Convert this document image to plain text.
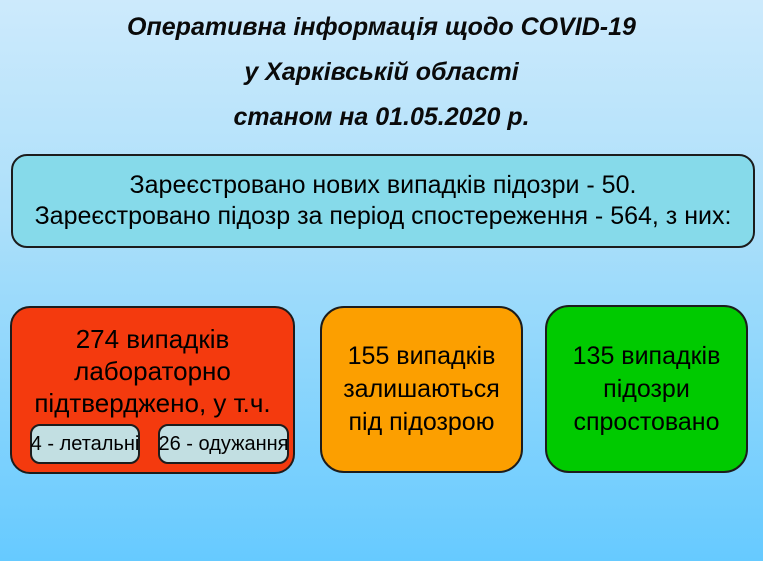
Оперативна інформація щодо COVID-19
у Харківській області
станом на 01.05.2020 р.
Зареєстровано нових випадків підозри - 50.
Зареєстровано підозр за період спостереження - 564, з них:
274 випадків
лабораторно
підтверджено, у т.ч.
4 - летальні 26 - одужання
155 випадків
залишаються
під підозрою
135 випадків
підозри
спростовано
